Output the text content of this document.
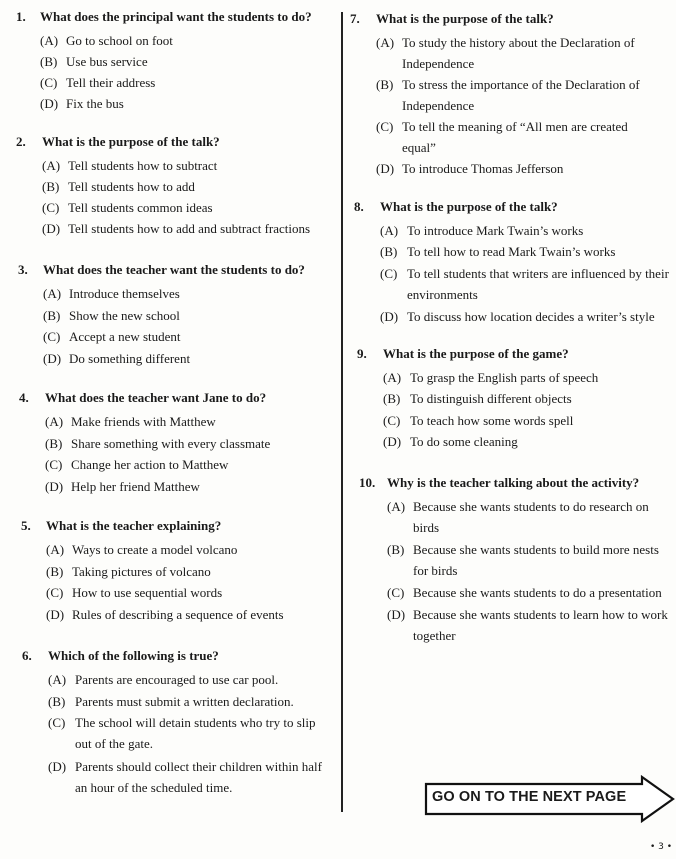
1. What does the principal want the students to do?
(A) Go to school on foot
(B) Use bus service
(C) Tell their address
(D) Fix the bus
2. What is the purpose of the talk?
(A) Tell students how to subtract
(B) Tell students how to add
(C) Tell students common ideas
(D) Tell students how to add and subtract fractions
3. What does the teacher want the students to do?
(A) Introduce themselves
(B) Show the new school
(C) Accept a new student
(D) Do something different
4. What does the teacher want Jane to do?
(A) Make friends with Matthew
(B) Share something with every classmate
(C) Change her action to Matthew
(D) Help her friend Matthew
5. What is the teacher explaining?
(A) Ways to create a model volcano
(B) Taking pictures of volcano
(C) How to use sequential words
(D) Rules of describing a sequence of events
6. Which of the following is true?
(A) Parents are encouraged to use car pool.
(B) Parents must submit a written declaration.
(C) The school will detain students who try to slip out of the gate.
(D) Parents should collect their children within half an hour of the scheduled time.
7. What is the purpose of the talk?
(A) To study the history about the Declaration of Independence
(B) To stress the importance of the Declaration of Independence
(C) To tell the meaning of “All men are created equal”
(D) To introduce Thomas Jefferson
8. What is the purpose of the talk?
(A) To introduce Mark Twain’s works
(B) To tell how to read Mark Twain’s works
(C) To tell students that writers are influenced by their environments
(D) To discuss how location decides a writer’s style
9. What is the purpose of the game?
(A) To grasp the English parts of speech
(B) To distinguish different objects
(C) To teach how some words spell
(D) To do some cleaning
10. Why is the teacher talking about the activity?
(A) Because she wants students to do research on birds
(B) Because she wants students to build more nests for birds
(C) Because she wants students to do a presentation
(D) Because she wants students to learn how to work together
GO ON TO THE NEXT PAGE
• 3 •
